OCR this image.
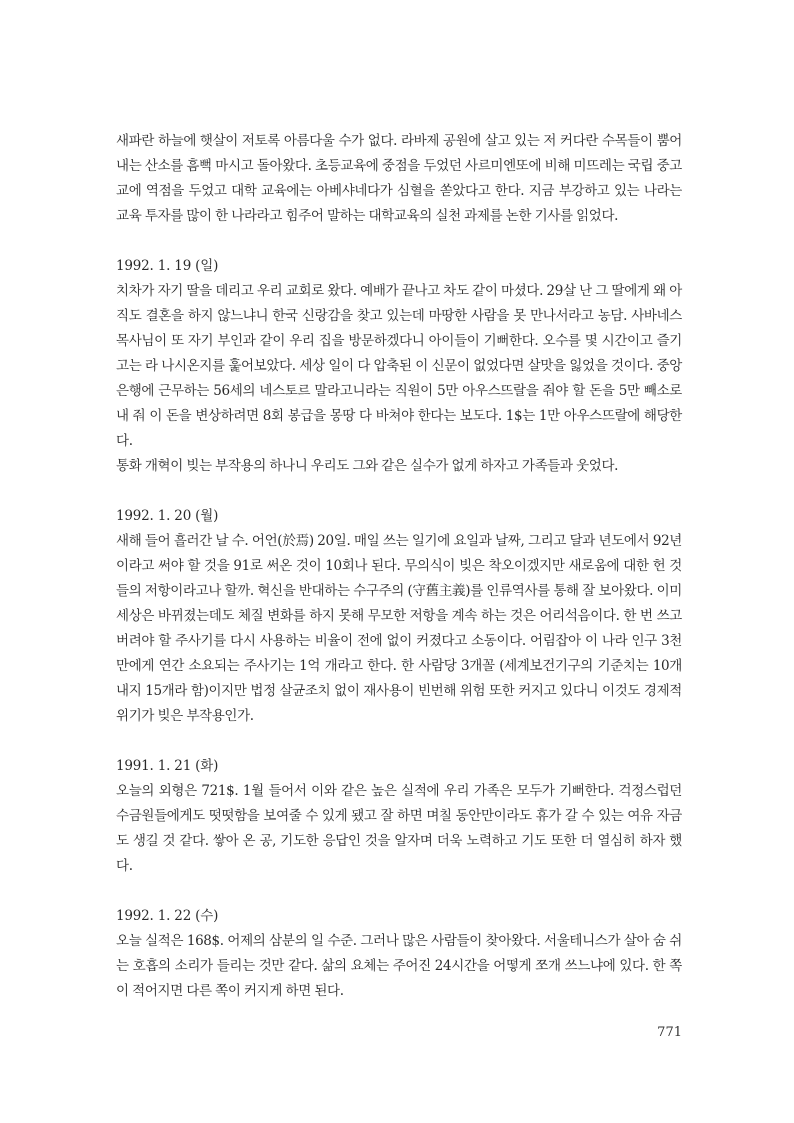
새파란 하늘에 햇살이 저토록 아름다울 수가 없다. 라바제 공원에 살고 있는 저 커다란 수목들이 뿜어내는 산소를 흠뻑 마시고 돌아왔다. 초등교육에 중점을 두었던 사르미엔또에 비해 미뜨레는 국립 중고교에 역점을 두었고 대학 교육에는 아베샤네다가 심혈을 쏟았다고 한다. 지금 부강하고 있는 나라는 교육 투자를 많이 한 나라라고 힘주어 말하는 대학교육의 실천 과제를 논한 기사를 읽었다.

1992. 1. 19 (일)

치차가 자기 딸을 데리고 우리 교회로 왔다. 예배가 끝나고 차도 같이 마셨다. 29살 난 그 딸에게 왜 아직도 결혼을 하지 않느냐니 한국 신랑감을 찾고 있는데 마땅한 사람을 못 만나서라고 농담. 사바네스 목사님이 또 자기 부인과 같이 우리 집을 방문하겠다니 아이들이 기뻐한다. 오수를 몇 시간이고 즐기고는 라 나시온지를 훑어보았다. 세상 일이 다 압축된 이 신문이 없었다면 살맛을 잃었을 것이다. 중앙은행에 근무하는 56세의 네스토르 말라고니라는 직원이 5만 아우스뜨랄을 줘야 할 돈을 5만 빼소로 내 줘 이 돈을 변상하려면 8회 봉급을 몽땅 다 바쳐야 한다는 보도다. 1$는 1만 아우스뜨랄에 해당한다.

통화 개혁이 빚는 부작용의 하나니 우리도 그와 같은 실수가 없게 하자고 가족들과 웃었다.

1992. 1. 20 (월)

새해 들어 흘러간 날 수. 어언(於焉) 20일. 매일 쓰는 일기에 요일과 날짜, 그리고 달과 년도에서 92년이라고 써야 할 것을 91로 써온 것이 10회나 된다. 무의식이 빚은 착오이겠지만 새로움에 대한 헌 것들의 저항이라고나 할까. 혁신을 반대하는 수구주의 (守舊主義)를 인류역사를 통해 잘 보아왔다. 이미 세상은 바뀌졌는데도 체질 변화를 하지 못해 무모한 저항을 계속 하는 것은 어리석음이다. 한 번 쓰고 버려야 할 주사기를 다시 사용하는 비율이 전에 없이 커졌다고 소동이다. 어림잡아 이 나라 인구 3천만에게 연간 소요되는 주사기는 1억 개라고 한다. 한 사람당 3개꼴 (세계보건기구의 기준치는 10개 내지 15개라 함)이지만 법정 살균조치 없이 재사용이 빈번해 위험 또한 커지고 있다니 이것도 경제적 위기가 빚은 부작용인가.

1991. 1. 21 (화)

오늘의 외형은 721$. 1월 들어서 이와 같은 높은 실적에 우리 가족은 모두가 기뻐한다. 걱정스럽던 수금원들에게도 떳떳함을 보여줄 수 있게 됐고 잘 하면 며칠 동안만이라도 휴가 갈 수 있는 여유 자금도 생길 것 같다. 쌓아 온 공, 기도한 응답인 것을 알자며 더욱 노력하고 기도 또한 더 열심히 하자 했다.

1992. 1. 22 (수)

오늘 실적은 168$. 어제의 삼분의 일 수준. 그러나 많은 사람들이 찾아왔다. 서울테니스가 살아 숨 쉬는 호흡의 소리가 들리는 것만 같다. 삶의 요체는 주어진 24시간을 어떻게 쪼개 쓰느냐에 있다. 한 쪽이 적어지면 다른 쪽이 커지게 하면 된다.

771
